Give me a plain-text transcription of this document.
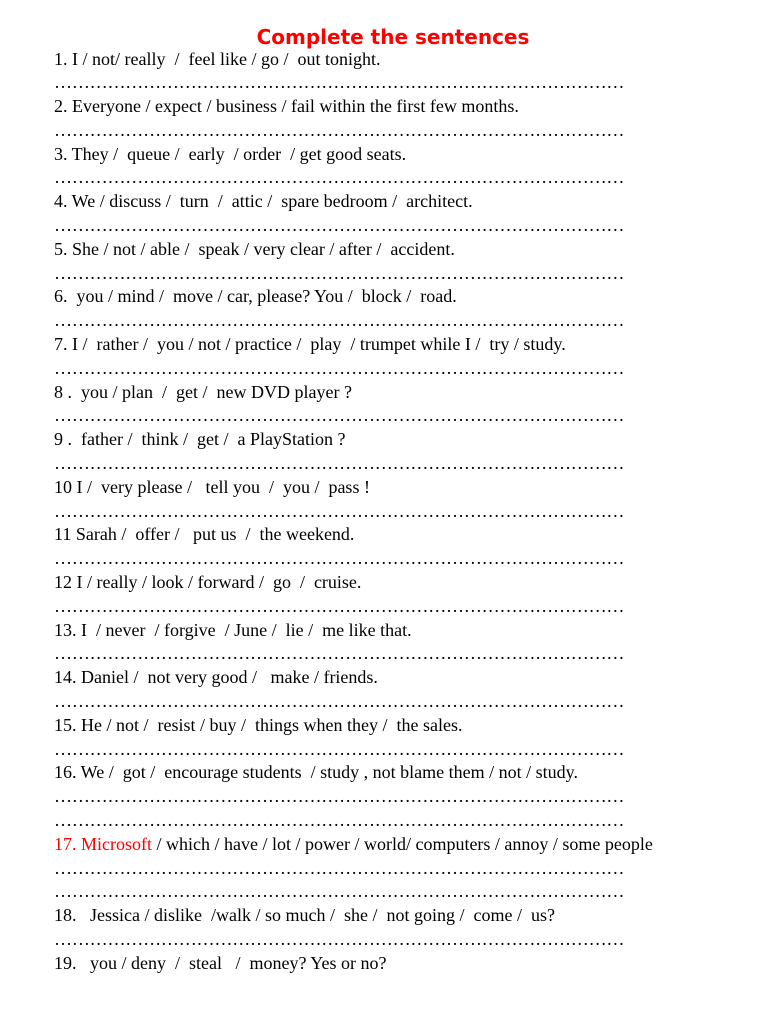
Complete the sentences
1. I / not/ really  /  feel like / go /  out tonight.
……………………………………………………………………………………
2. Everyone / expect / business / fail within the first few months.
……………………………………………………………………………………
3. They /  queue /  early  / order  / get good seats.
……………………………………………………………………………………
4. We / discuss /  turn  /  attic /  spare bedroom /  architect.
……………………………………………………………………………………
5. She / not / able /  speak / very clear / after /  accident.
……………………………………………………………………………………
6.  you / mind /  move / car, please? You /  block /  road.
……………………………………………………………………………………
7. I /  rather /  you / not / practice /  play  / trumpet while I /  try / study.
……………………………………………………………………………………
8 .  you / plan  /  get /  new DVD player ?
……………………………………………………………………………………
9 .  father /  think /  get /  a PlayStation ?
……………………………………………………………………………………
10 I /  very please /   tell you  /  you /  pass !
……………………………………………………………………………………
11 Sarah /  offer /   put us  /  the weekend.
……………………………………………………………………………………
12 I / really / look / forward /  go  /  cruise.
……………………………………………………………………………………
13. I  / never  / forgive  / June /  lie /  me like that.
……………………………………………………………………………………
14. Daniel /  not very good /   make / friends.
……………………………………………………………………………………
15. He / not /  resist / buy /  things when they /  the sales.
……………………………………………………………………………………
16. We /  got /  encourage students  / study , not blame them / not / study.
……………………………………………………………………………………
……………………………………………………………………………………
17. Microsoft / which / have / lot / power / world/ computers / annoy / some people
……………………………………………………………………………………
……………………………………………………………………………………
18.   Jessica / dislike  /walk / so much /  she /  not going /  come /  us?
……………………………………………………………………………………
19.   you / deny  /  steal   /  money? Yes or no?
